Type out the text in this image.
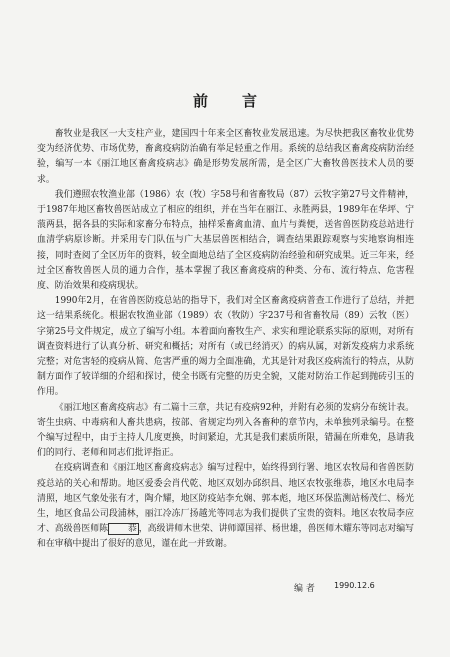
前 言

畜牧业是我区一大支柱产业，建国四十年来全区畜牧业发展迅速。为尽快把我区畜牧业优势变为经济优势、市场优势，畜禽疫病防治确有举足轻重之作用。系统的总结我区畜禽疫病防治经验，编写一本《丽江地区畜禽疫病志》确是形势发展所需，是全区广大畜牧兽医技术人员的要求。

我们遵照农牧渔业部（1986）农（牧）字58号和省畜牧局（87）云牧字第27号文件精神，于1987年地区畜牧兽医站成立了相应的组织，并在当年在丽江、永胜两县，1989年在华坪、宁蒗两县，据各县的实际和家畜分布特点，抽样采畜禽血清、血片与粪便，送省兽医防疫总站进行血清学病原诊断。并采用专门队伍与广大基层兽医相结合，调查结果跟踪观察与实地察询相连接，同时查阅了全区历年的资料，较全面地总结了全区疫病防治经验和研究成果。近三年来，经过全区畜牧兽医人员的通力合作，基本掌握了我区畜禽疫病的种类、分布、流行特点、危害程度、防治效果和疫病现状。

1990年2月，在省兽医防疫总站的指导下，我们对全区畜禽疫病普查工作进行了总结，并把这一结果系统化。根据农牧渔业部（1989）农（牧防）字237号和省畜牧局（89）云牧（医）字第25号文件规定，成立了编写小组。本着面向畜牧生产、求实和理论联系实际的原则，对所有调查资料进行了认真分析、研究和概括；对所有（或已经消灭）的病从属，对新发疫病力求系统完整；对危害轻的疫病从简、危害严重的竭力全面准确，尤其是针对我区疫病流行的特点，从防制方面作了较详细的介绍和探讨，使全书既有完整的历史全貌，又能对防治工作起到抛砖引玉的作用。

《丽江地区畜禽疫病志》有二篇十三章，共记有疫病92种，并附有必须的发病分布统计表。寄生虫病、中毒病和人畜共患病，按部、省规定均列入各畜种的章节内，未单独列录编号。在整个编写过程中，由于主持人几度更换，时间紧迫，尤其是我们素质所限，错漏在所难免，恳请我们的同行、老师和同志们批评指正。

在疫病调查和《丽江地区畜禽疫病志》编写过程中，始终得到行署、地区农牧局和省兽医防疫总站的关心和帮助。地区爱委会肖代乾、地区双划办邱织昌、地区农牧张维恭，地区水电局李清照，地区气象处张有才，陶介耀，地区防疫站李允娴、郭本彪，地区环保监测站杨茂仁、杨光生，地区食品公司段浦林，丽江冷冻厂扬越光等同志为我们提供了宝贵的资料。地区农牧局李应才、高级兽医师陈 恭 ，高级讲师木世荣、讲师谭国祥、杨世雄，兽医师木耀东等同志对编写和在审稿中提出了很好的意见，谨在此一并致谢。

编 者 1990.12.6
